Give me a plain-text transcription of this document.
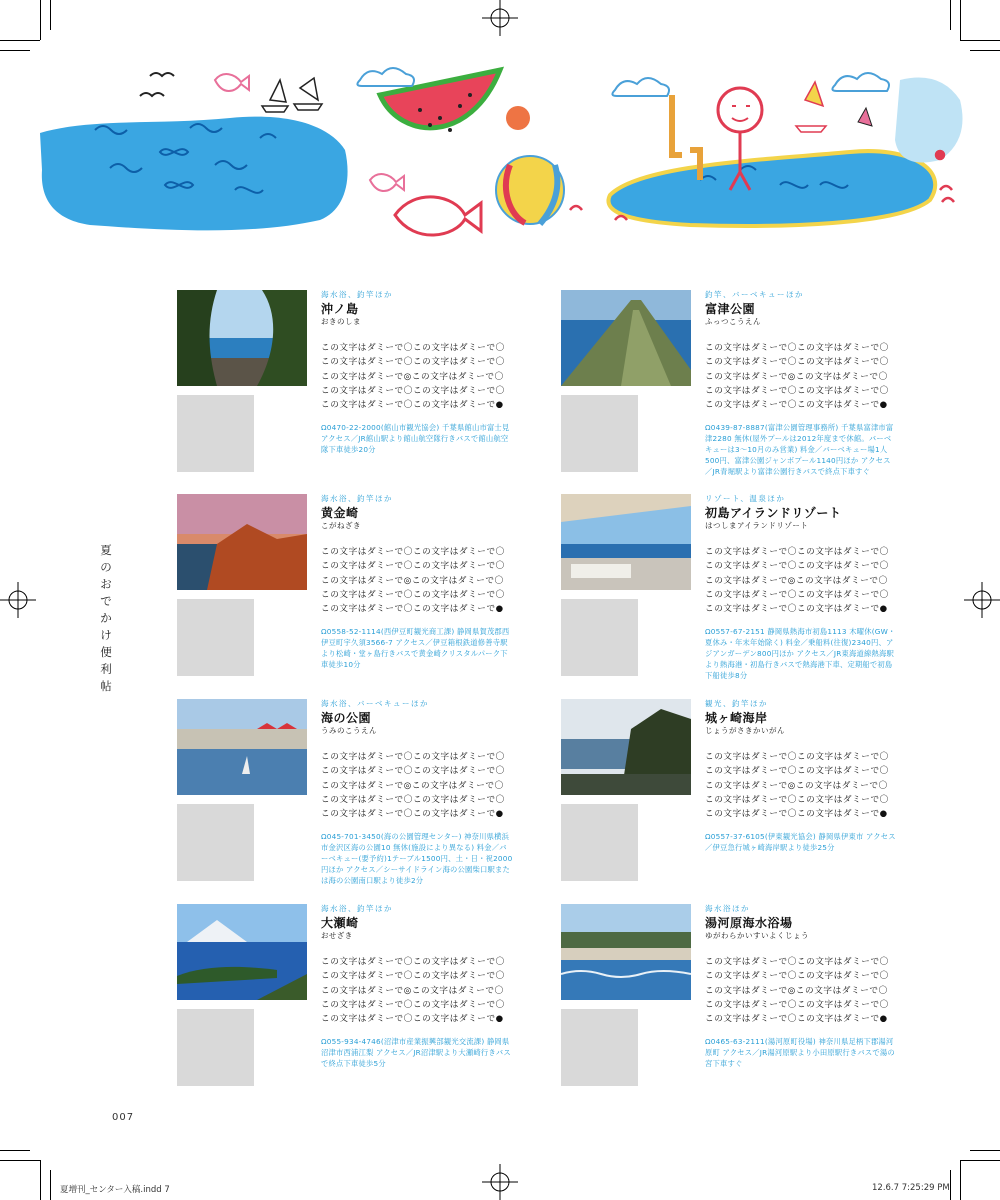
夏のおでかけ便利帖
海水浴、釣竿ほか
沖ノ島
おきのしま
この文字はダミーで〇この文字はダミーで〇
この文字はダミーで〇この文字はダミーで〇
この文字はダミーで◎この文字はダミーで〇
この文字はダミーで〇この文字はダミーで〇
この文字はダミーで〇この文字はダミーで●
Ω0470-22-2000(館山市観光協会) 千葉県館山市富士見 アクセス／JR館山駅より館山航空隊行きバスで館山航空隊下車徒歩20分
釣竿、バーベキューほか
富津公園
ふっつこうえん
この文字はダミーで〇この文字はダミーで〇
この文字はダミーで〇この文字はダミーで〇
この文字はダミーで◎この文字はダミーで〇
この文字はダミーで〇この文字はダミーで〇
この文字はダミーで〇この文字はダミーで●
Ω0439-87-8887(富津公園管理事務所) 千葉県富津市富津2280 無休(屋外プールは2012年度まで休館。バーベキューは3～10月のみ営業) 料金／バーベキュー場1人500円、富津公園ジャンボプール1140円ほか アクセス／JR青堀駅より富津公園行きバスで終点下車すぐ
海水浴、釣竿ほか
黄金崎
こがねざき
この文字はダミーで〇この文字はダミーで〇
この文字はダミーで〇この文字はダミーで〇
この文字はダミーで◎この文字はダミーで〇
この文字はダミーで〇この文字はダミーで〇
この文字はダミーで〇この文字はダミーで●
Ω0558-52-1114(西伊豆町観光商工課) 静岡県賀茂郡西伊豆町宇久須3566-7 アクセス／伊豆箱根鉄道修善寺駅より松崎・堂ヶ島行きバスで黄金崎クリスタルパーク下車徒歩10分
リゾート、温泉ほか
初島アイランドリゾート
はつしまアイランドリゾート
この文字はダミーで〇この文字はダミーで〇
この文字はダミーで〇この文字はダミーで〇
この文字はダミーで◎この文字はダミーで〇
この文字はダミーで〇この文字はダミーで〇
この文字はダミーで〇この文字はダミーで●
Ω0557-67-2151 静岡県熱海市初島1113 木曜休(GW・夏休み・年末年始除く) 料金／乗船料(往復)2340円、アジアンガーデン800円ほか アクセス／JR東海道線熱海駅より熱海港・初島行きバスで熱海港下車、定期船で初島下船徒歩8分
海水浴、バーベキューほか
海の公園
うみのこうえん
この文字はダミーで〇この文字はダミーで〇
この文字はダミーで〇この文字はダミーで〇
この文字はダミーで◎この文字はダミーで〇
この文字はダミーで〇この文字はダミーで〇
この文字はダミーで〇この文字はダミーで●
Ω045-701-3450(海の公園管理センター) 神奈川県横浜市金沢区海の公園10 無休(施設により異なる) 料金／バーベキュー(要予約)1テーブル1500円、土・日・祝2000円ほか アクセス／シーサイドライン海の公園柴口駅または海の公園南口駅より徒歩2分
観光、釣竿ほか
城ヶ崎海岸
じょうがさきかいがん
この文字はダミーで〇この文字はダミーで〇
この文字はダミーで〇この文字はダミーで〇
この文字はダミーで◎この文字はダミーで〇
この文字はダミーで〇この文字はダミーで〇
この文字はダミーで〇この文字はダミーで●
Ω0557-37-6105(伊東観光協会) 静岡県伊東市 アクセス／伊豆急行城ヶ崎海岸駅より徒歩25分
海水浴、釣竿ほか
大瀬崎
おせざき
この文字はダミーで〇この文字はダミーで〇
この文字はダミーで〇この文字はダミーで〇
この文字はダミーで◎この文字はダミーで〇
この文字はダミーで〇この文字はダミーで〇
この文字はダミーで〇この文字はダミーで●
Ω055-934-4746(沼津市産業振興部観光交流課) 静岡県沼津市西浦江梨 アクセス／JR沼津駅より大瀬崎行きバスで終点下車徒歩5分
海水浴ほか
湯河原海水浴場
ゆがわらかいすいよくじょう
この文字はダミーで〇この文字はダミーで〇
この文字はダミーで〇この文字はダミーで〇
この文字はダミーで◎この文字はダミーで〇
この文字はダミーで〇この文字はダミーで〇
この文字はダミーで〇この文字はダミーで●
Ω0465-63-2111(湯河原町役場) 神奈川県足柄下郡湯河原町 アクセス／JR湯河原駅より小田原駅行きバスで湯の宮下車すぐ
007
夏増刊_センター入稿.indd 7	12.6.7 7:25:29 PM
